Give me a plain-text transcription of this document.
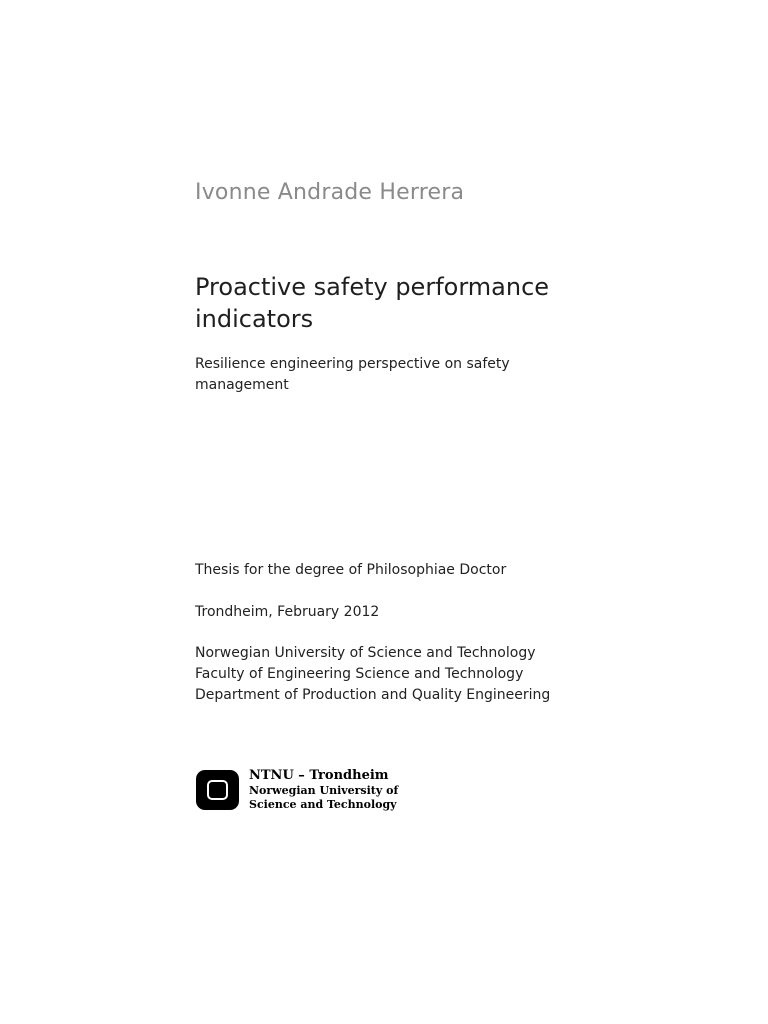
Ivonne Andrade Herrera
Proactive safety performance indicators
Resilience engineering perspective on safety management
Thesis for the degree of Philosophiae Doctor
Trondheim, February 2012
Norwegian University of Science and Technology
Faculty of Engineering Science and Technology
Department of Production and Quality Engineering
NTNU – Trondheim
Norwegian University of
Science and Technology
